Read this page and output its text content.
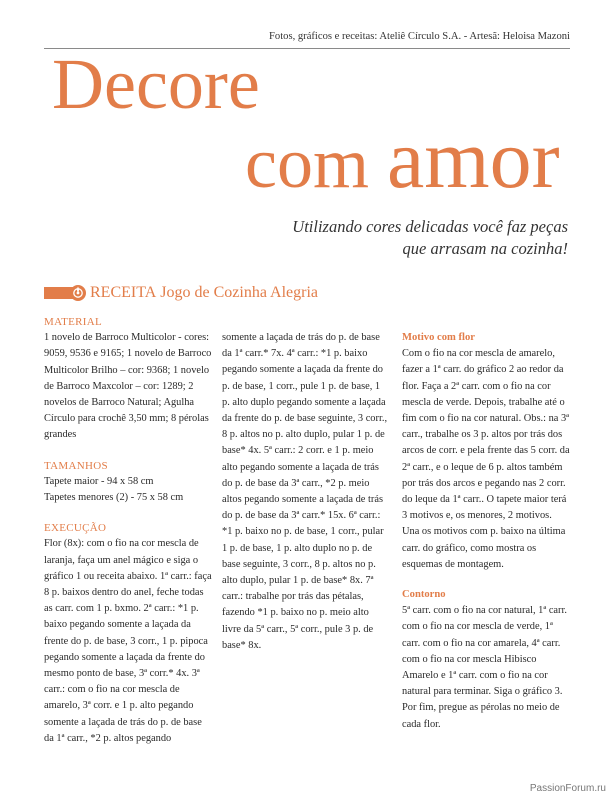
Fotos, gráficos e receitas: Ateliê Círculo S.A. - Artesã: Heloisa Mazoni
Decore
com amor
Utilizando cores delicadas você faz peças que arrasam na cozinha!
RECEITA
Jogo de Cozinha Alegria
MATERIAL

1 novelo de Barroco Multicolor - cores: 9059, 9536 e 9165; 1 novelo de Barroco Multicolor Brilho – cor: 9368; 1 novelo de Barroco Maxcolor – cor: 1289; 2 novelos de Barroco Natural; Agulha Círculo para crochê 3,50 mm; 8 pérolas grandes

TAMANHOS

Tapete maior - 94 x 58 cm

Tapetes menores (2) - 75 x 58 cm

EXECUÇÃO

Flor (8x): com o fio na cor mescla de laranja, faça um anel mágico e siga o gráfico 1 ou receita abaixo. 1ª carr.: faça 8 p. baixos dentro do anel, feche todas as carr. com 1 p. bxmo. 2ª carr.: *1 p. baixo pegando somente a laçada da frente do p. de base, 3 corr., 1 p. pipoca pegando somente a laçada da frente do mesmo ponto de base, 3ª corr.* 4x. 3ª carr.: com o fio na cor mescla de amarelo, 3ª corr. e 1 p. alto pegando somente a laçada de trás do p. de base da 1ª carr., *2 p. altos pegando

somente a laçada de trás do p. de base da 1ª carr.* 7x. 4ª carr.: *1 p. baixo pegando somente a laçada da frente do p. de base, 1 corr., pule 1 p. de base, 1 p. alto duplo pegando somente a laçada da frente do p. de base seguinte, 3 corr., 8 p. altos no p. alto duplo, pular 1 p. de base* 4x. 5ª carr.: 2 corr. e 1 p. meio alto pegando somente a laçada de trás do p. de base da 3ª carr., *2 p. meio altos pegando somente a laçada de trás do p. de base da 3ª carr.* 15x. 6ª carr.: *1 p. baixo no p. de base, 1 corr., pular 1 p. de base, 1 p. alto duplo no p. de base seguinte, 3 corr., 8 p. altos no p. alto duplo, pular 1 p. de base* 8x. 7ª carr.: trabalhe por trás das pétalas, fazendo *1 p. baixo no p. meio alto livre da 5ª carr., 5ª corr., pule 3 p. de base* 8x.

Motivo com flor

Com o fio na cor mescla de amarelo, fazer a 1ª carr. do gráfico 2 ao redor da flor. Faça a 2ª carr. com o fio na cor mescla de verde. Depois, trabalhe até o fim com o fio na cor natural. Obs.: na 3ª carr., trabalhe os 3 p. altos por trás dos arcos de corr. e pela frente das 5 corr. da 2ª carr., e o leque de 6 p. altos também por trás dos arcos e pegando nas 2 corr. do leque da 1ª carr.. O tapete maior terá 3 motivos e, os menores, 2 motivos. Una os motivos com p. baixo na última carr. do gráfico, como mostra os esquemas de montagem.

Contorno

5ª carr. com o fio na cor natural, 1ª carr. com o fio na cor mescla de verde, 1ª carr. com o fio na cor amarela, 4ª carr. com o fio na cor mescla Hibisco Amarelo e 1ª carr. com o fio na cor natural para terminar. Siga o gráfico 3. Por fim, pregue as pérolas no meio de cada flor.

PassionForum.ru
